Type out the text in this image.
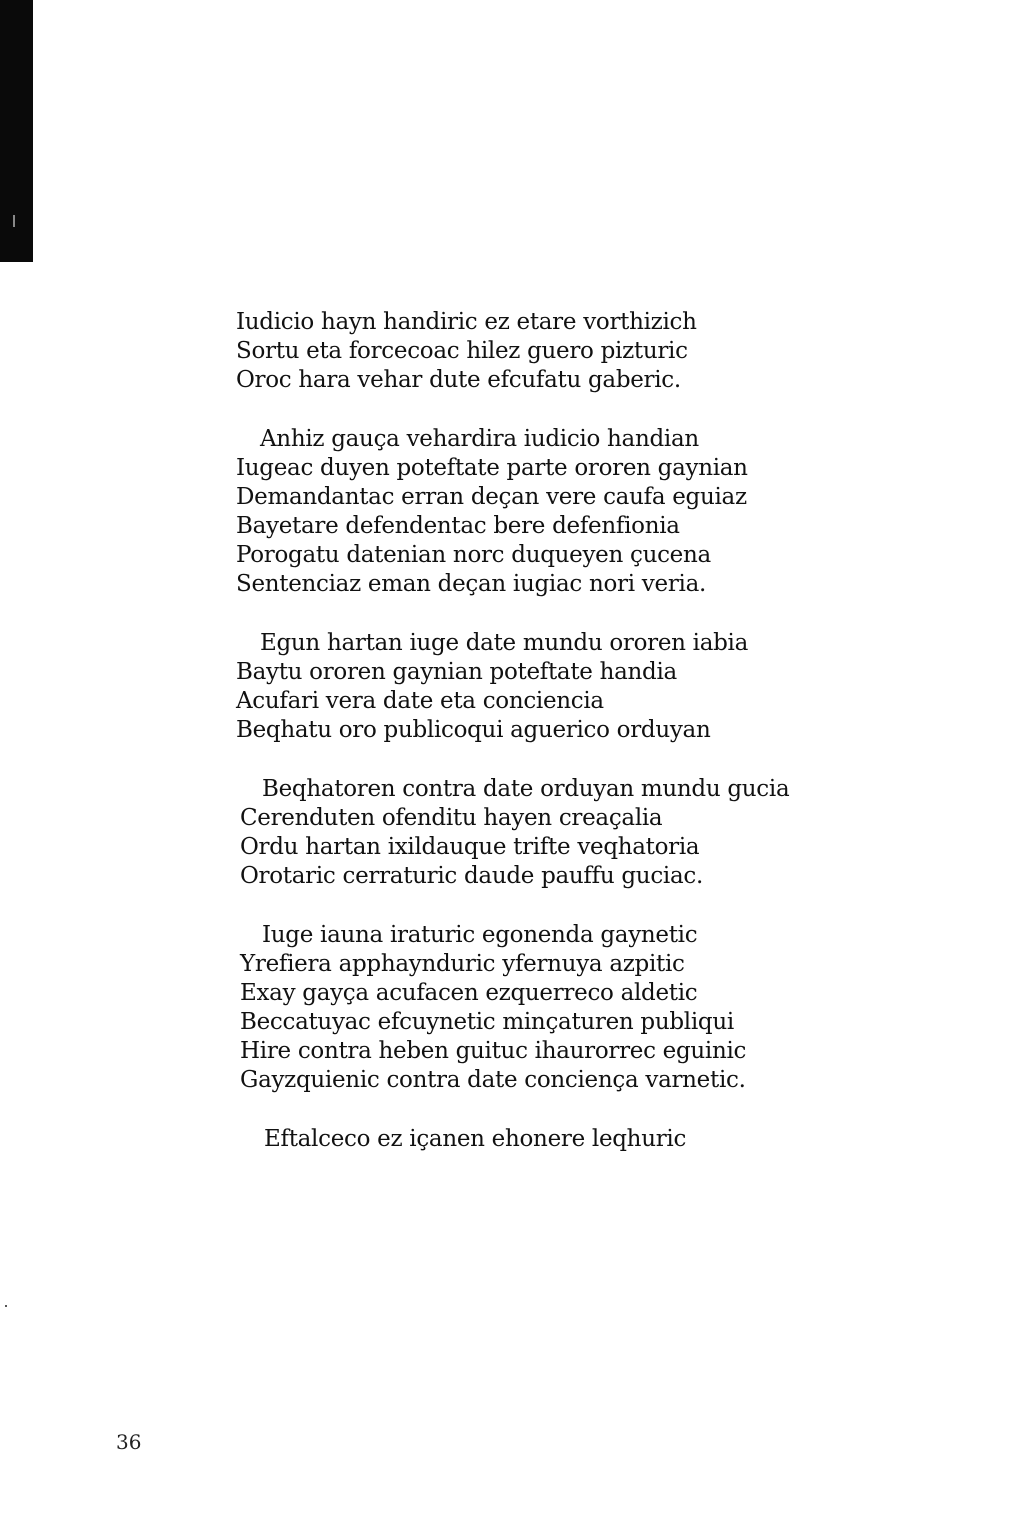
Iudicio hayn handiric ez etare vorthizich
Sortu eta forcecoac hilez guero pizturic
Oroc hara vehar dute efcufatu gaberic.
Anhiz gauça vehardira iudicio handian
Iugeac duyen poteftate parte ororen gaynian
Demandantac erran deçan vere caufa eguiaz
Bayetare defendentac bere defenfionia
Porogatu datenian norc duqueyen çucena
Sentenciaz eman deçan iugiac nori veria.
Egun hartan iuge date mundu ororen iabia
Baytu ororen gaynian poteftate handia
Acufari vera date eta conciencia
Beqhatu oro publicoqui aguerico orduyan
Beqhatoren contra date orduyan mundu gucia
Cerenduten ofenditu hayen creaçalia
Ordu hartan ixildauque trifte veqhatoria
Orotaric cerraturic daude pauffu guciac.
Iuge iauna iraturic egonenda gaynetic
Yrefiera apphaynduric yfernuya azpitic
Exay gayça acufacen ezquerreco aldetic
Beccatuyac efcuynetic minçaturen publiqui
Hire contra heben guituc ihaurorrec eguinic
Gayzquienic contra date conciença varnetic.
Eftalceco ez içanen ehonere leqhuric
36
